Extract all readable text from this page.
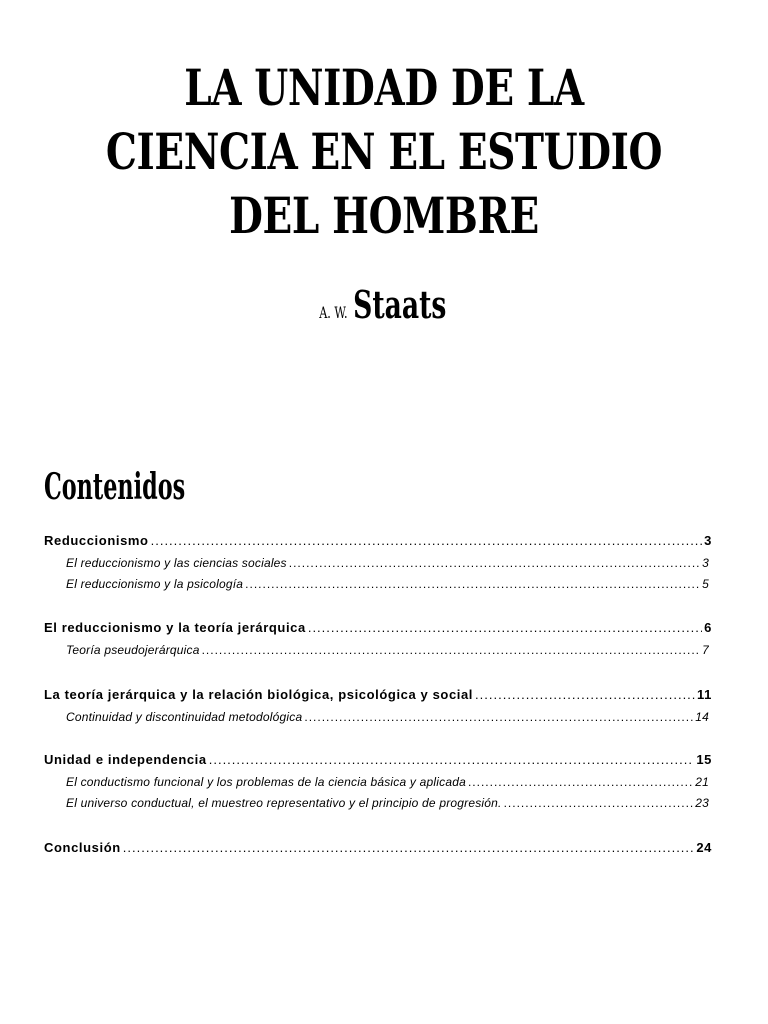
LA UNIDAD DE LA
CIENCIA EN EL ESTUDIO
DEL HOMBRE
A. W. Staats
Contenidos
Reduccionismo .....	3
El reduccionismo y las ciencias sociales .....	3
El reduccionismo y la psicología .....	5
El reduccionismo y la teoría jerárquica .....	6
Teoría pseudojerárquica .....	7
La teoría jerárquica y la relación biológica, psicológica y social .....	11
Continuidad y discontinuidad metodológica .....	14
Unidad e independencia .....	15
El conductismo funcional y los problemas de la ciencia básica y aplicada .....	21
El universo conductual, el muestreo representativo y el principio de progresión. .....	23
Conclusión .....	24
